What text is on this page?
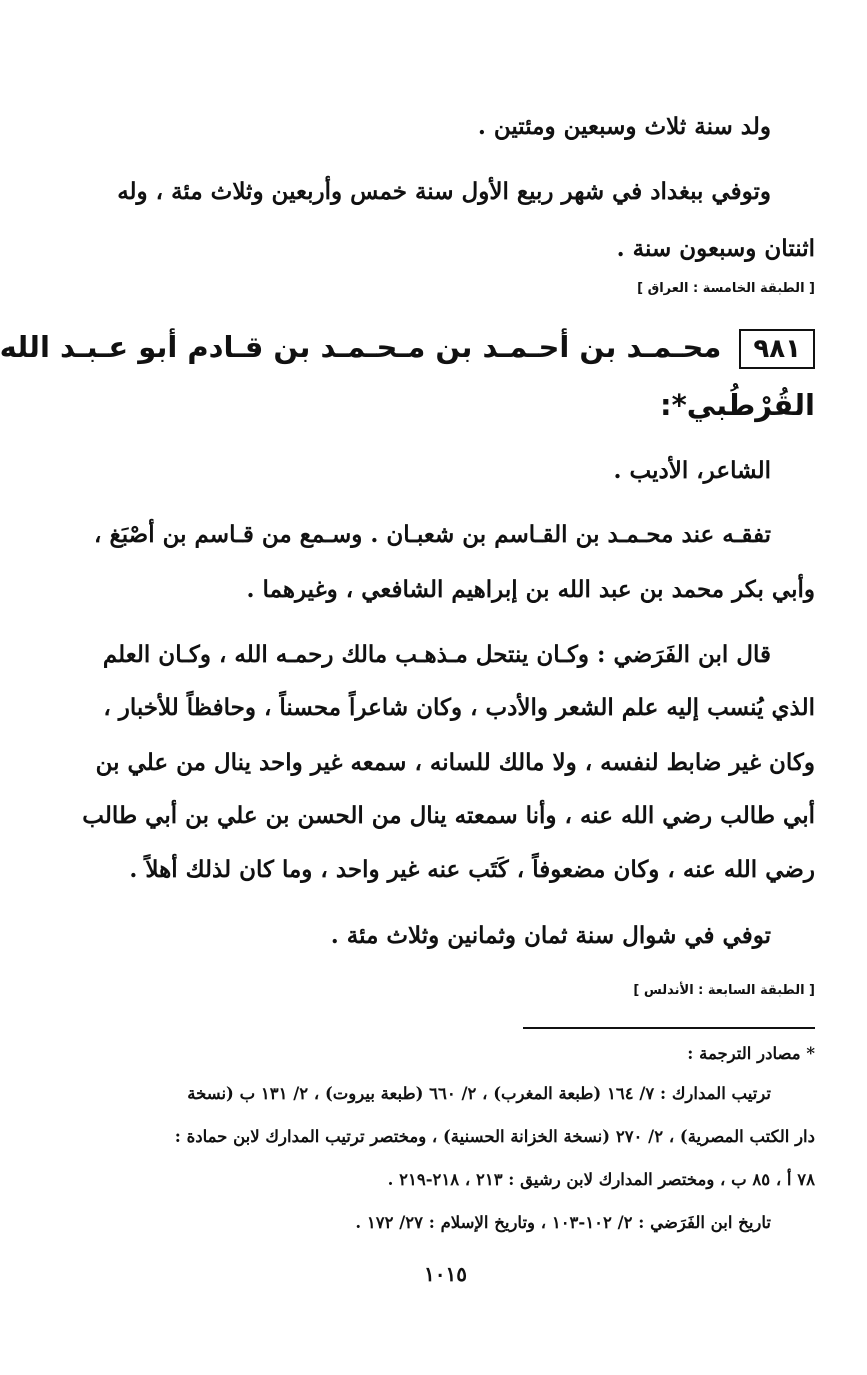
ولد سنة ثلاث وسبعين ومئتين .
وتوفي ببغداد في شهر ربيع الأول سنة خمس وأربعين وثلاث مئة ، وله
اثنتان وسبعون سنة .
[ الطبقة الخامسة : العراق ]
٩٨١محـمـد بن أحـمـد بن مـحـمـد بن قـادم أبو عـبـد الله
القُرْطُبي*:
الشاعر، الأديب .
تفقـه عند محـمـد بن القـاسم بن شعبـان . وسـمع من قـاسم بن أصْبَغ ،
وأبي بكر محمد بن عبد الله بن إبراهيم الشافعي ، وغيرهما .
قال ابن الفَرَضي : وكـان ينتحل مـذهـب مالك رحمـه الله ، وكـان العلم
الذي يُنسب إليه علم الشعر والأدب ، وكان شاعراً محسناً ، وحافظاً للأخبار ،
وكان غير ضابط لنفسه ، ولا مالك للسانه ، سمعه غير واحد ينال من علي بن
أبي طالب رضي الله عنه ، وأنا سمعته ينال من الحسن بن علي بن أبي طالب
رضي الله عنه ، وكان مضعوفاً ، كَتَب عنه غير واحد ، وما كان لذلك أهلاً .
توفي في شوال سنة ثمان وثمانين وثلاث مئة .
[ الطبقة السابعة : الأندلس ]
* مصادر الترجمة :
ترتيب المدارك : ٧/ ١٦٤ (طبعة المغرب) ، ٢/ ٦٦٠ (طبعة بيروت) ، ٢/ ١٣١ ب (نسخة
دار الكتب المصرية) ، ٢/ ٢٧٠ (نسخة الخزانة الحسنية) ، ومختصر ترتيب المدارك لابن حمادة :
٧٨ أ ، ٨٥ ب ، ومختصر المدارك لابن رشيق : ٢١٣ ، ٢١٨-٢١٩ .
تاريخ ابن الفَرَضي : ٢/ ١٠٢-١٠٣ ، وتاريخ الإسلام : ٢٧/ ١٧٢ .
١٠١٥
